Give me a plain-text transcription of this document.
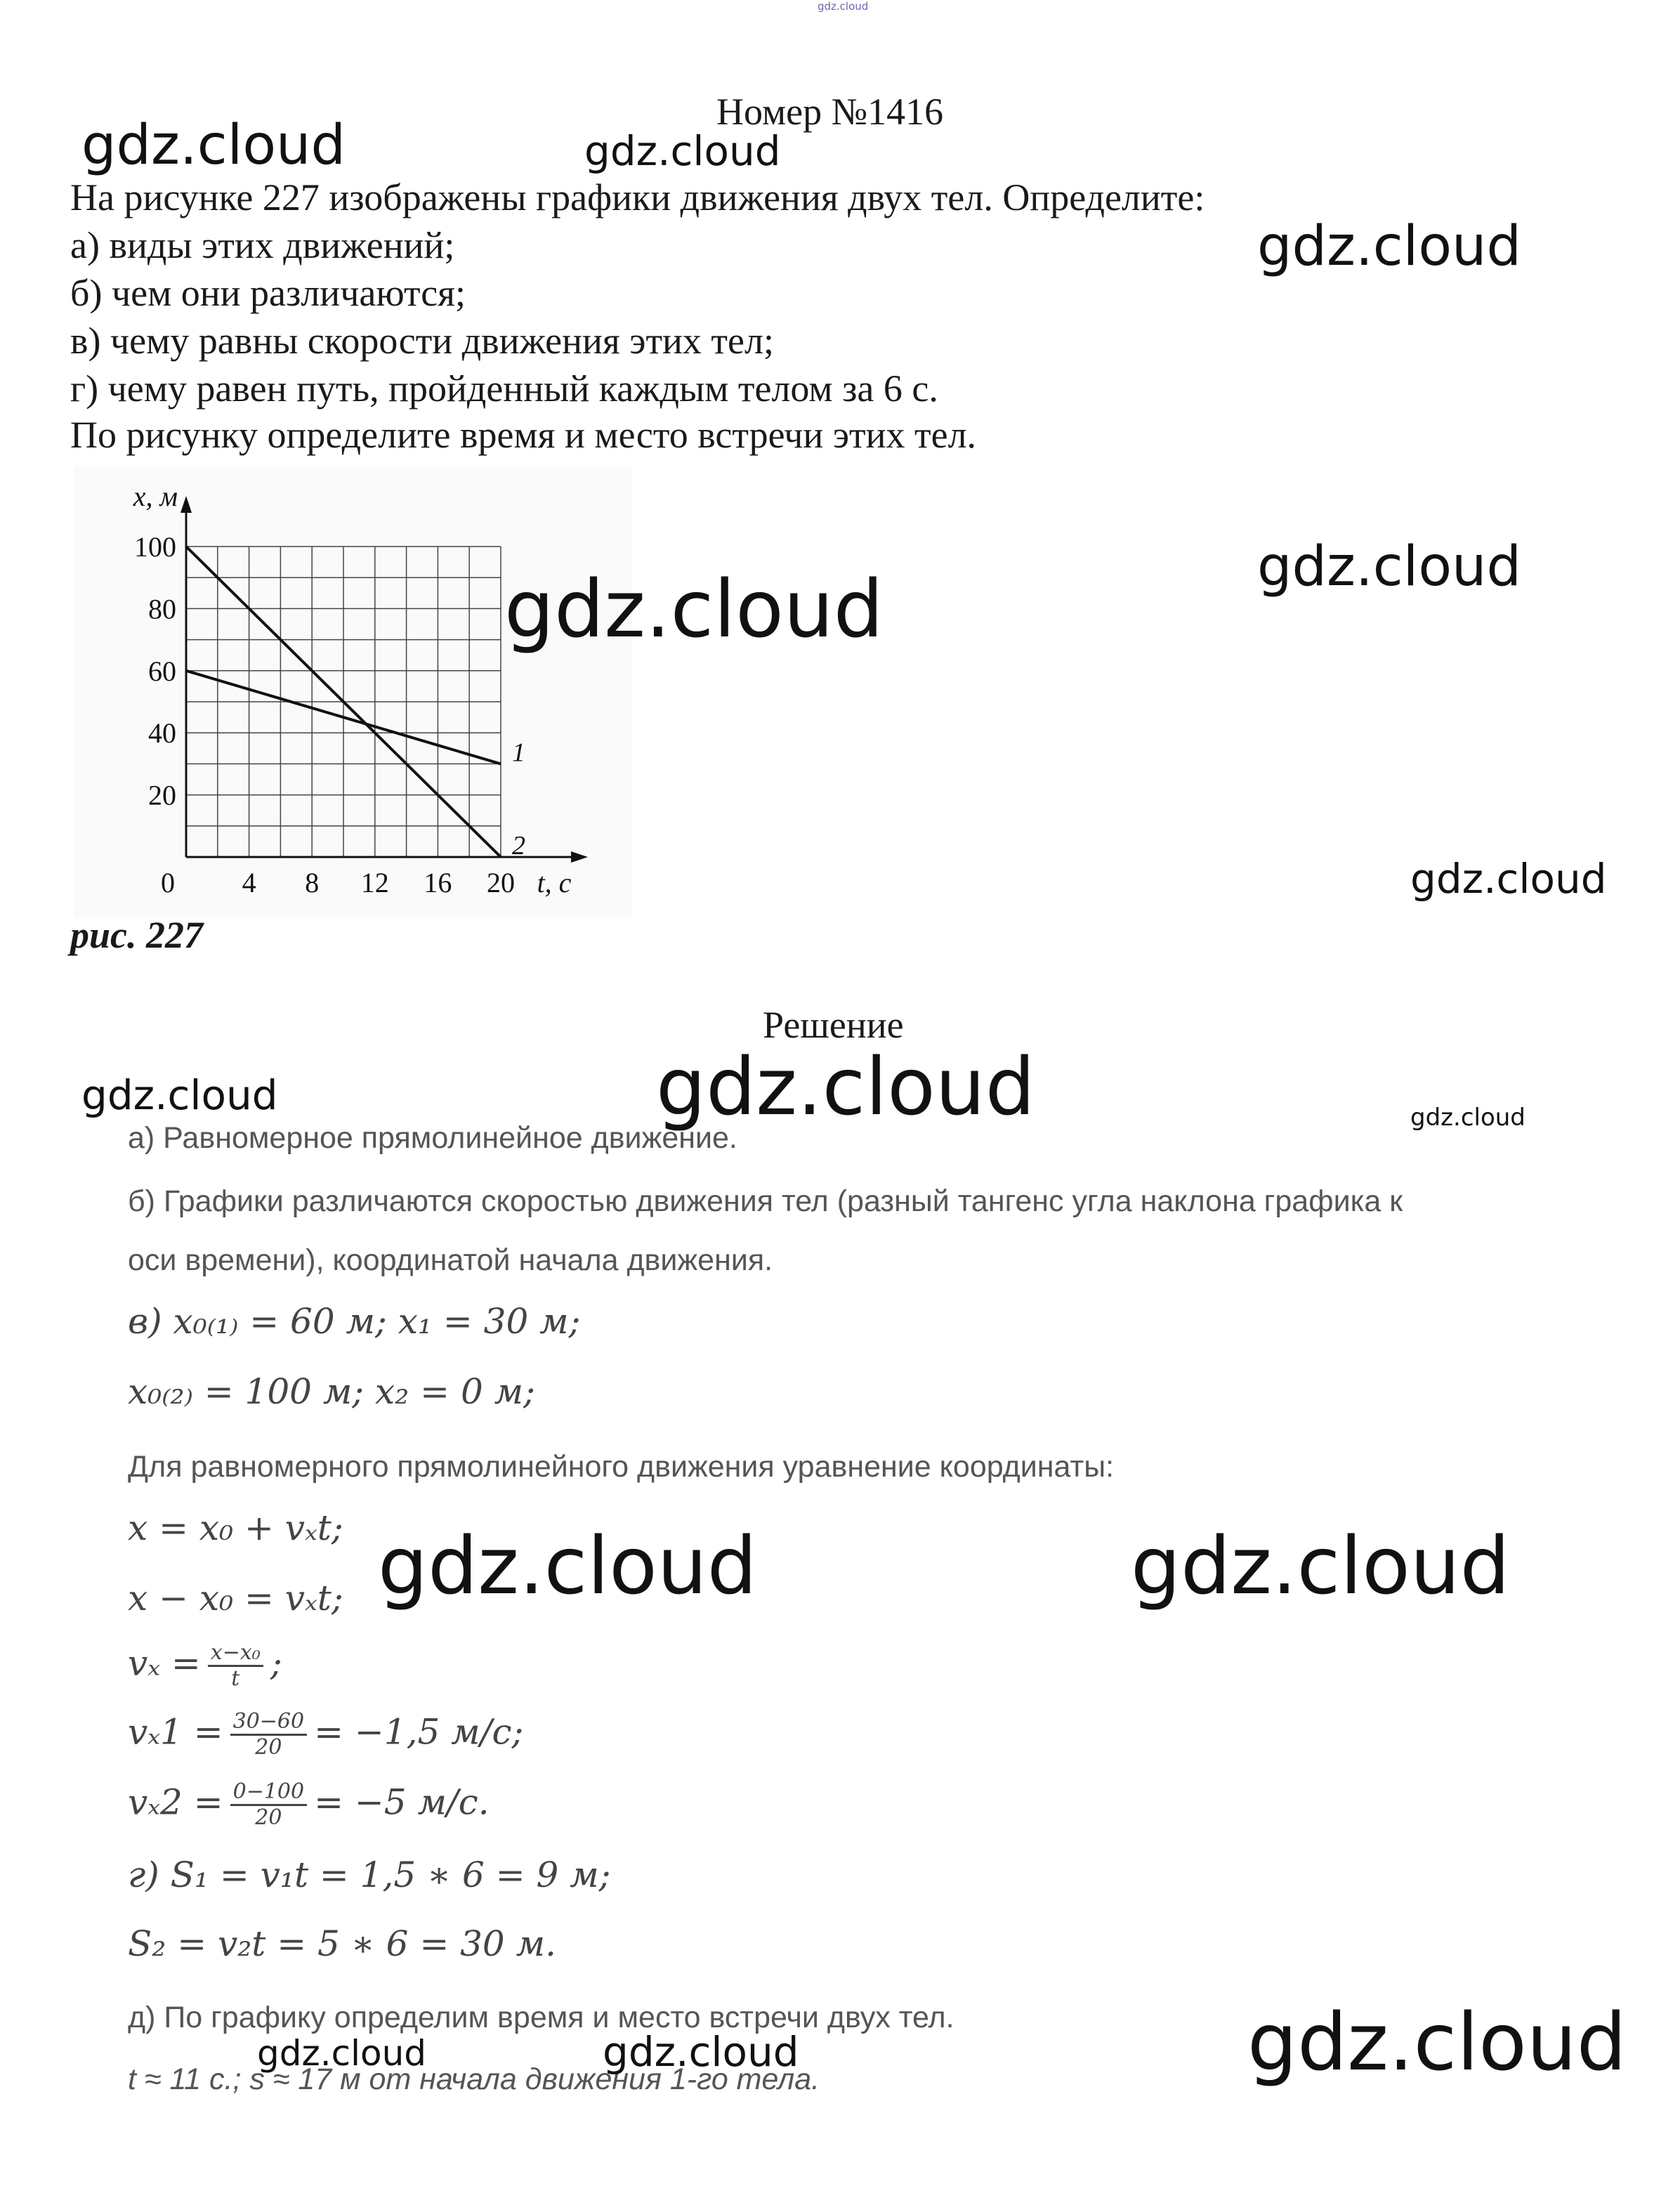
gdz.cloud
Номер №1416
На рисунке 227 изображены графики движения двух тел. Определите:
а) виды этих движений;
б) чем они различаются;
в) чему равны скорости движения этих тел;
г) чему равен путь, пройденный каждым телом за 6 с.
По рисунку определите время и место встречи этих тел.
1
2
100
80
60
40
20
0 4 8 12 16 20 t, c
x, м
рис. 227
Решение
а) Равномерное прямолинейное движение.
б) Графики различаются скоростью движения тел (разный тангенс угла наклона графика к
оси времени), координатой начала движения.
в) x₀₍₁₎ = 60 м; x₁ = 30 м;
x₀₍₂₎ = 100 м; x₂ = 0 м;
Для равномерного прямолинейного движения уравнение координаты:
x = x₀ + vₓt;
x − x₀ = vₓt;
$v_x = \frac{\text{x−x₀}}{t}$ ;
$v_x1 = \frac{30-60}{20} = -1,5$ м/с;
$v_x2 = \frac{0-100}{20} = -5$ м/с.
г) S₁ = v₁t = 1,5 ∗ 6 = 9 м;
S₂ = v₂t = 5 ∗ 6 = 30 м.
д) По графику определим время и место встречи двух тел.
t ≈ 11 с.; s ≈ 17 м от начала движения 1-го тела.
gdz.cloud	gdz.cloud
gdz.cloud
gdz.cloud
gdz.cloud
gdz.cloud
gdz.cloud	gdz.cloud	gdz.cloud
gdz.cloud	gdz.cloud
gdz.cloud
gdz.cloud	gdz.cloud
